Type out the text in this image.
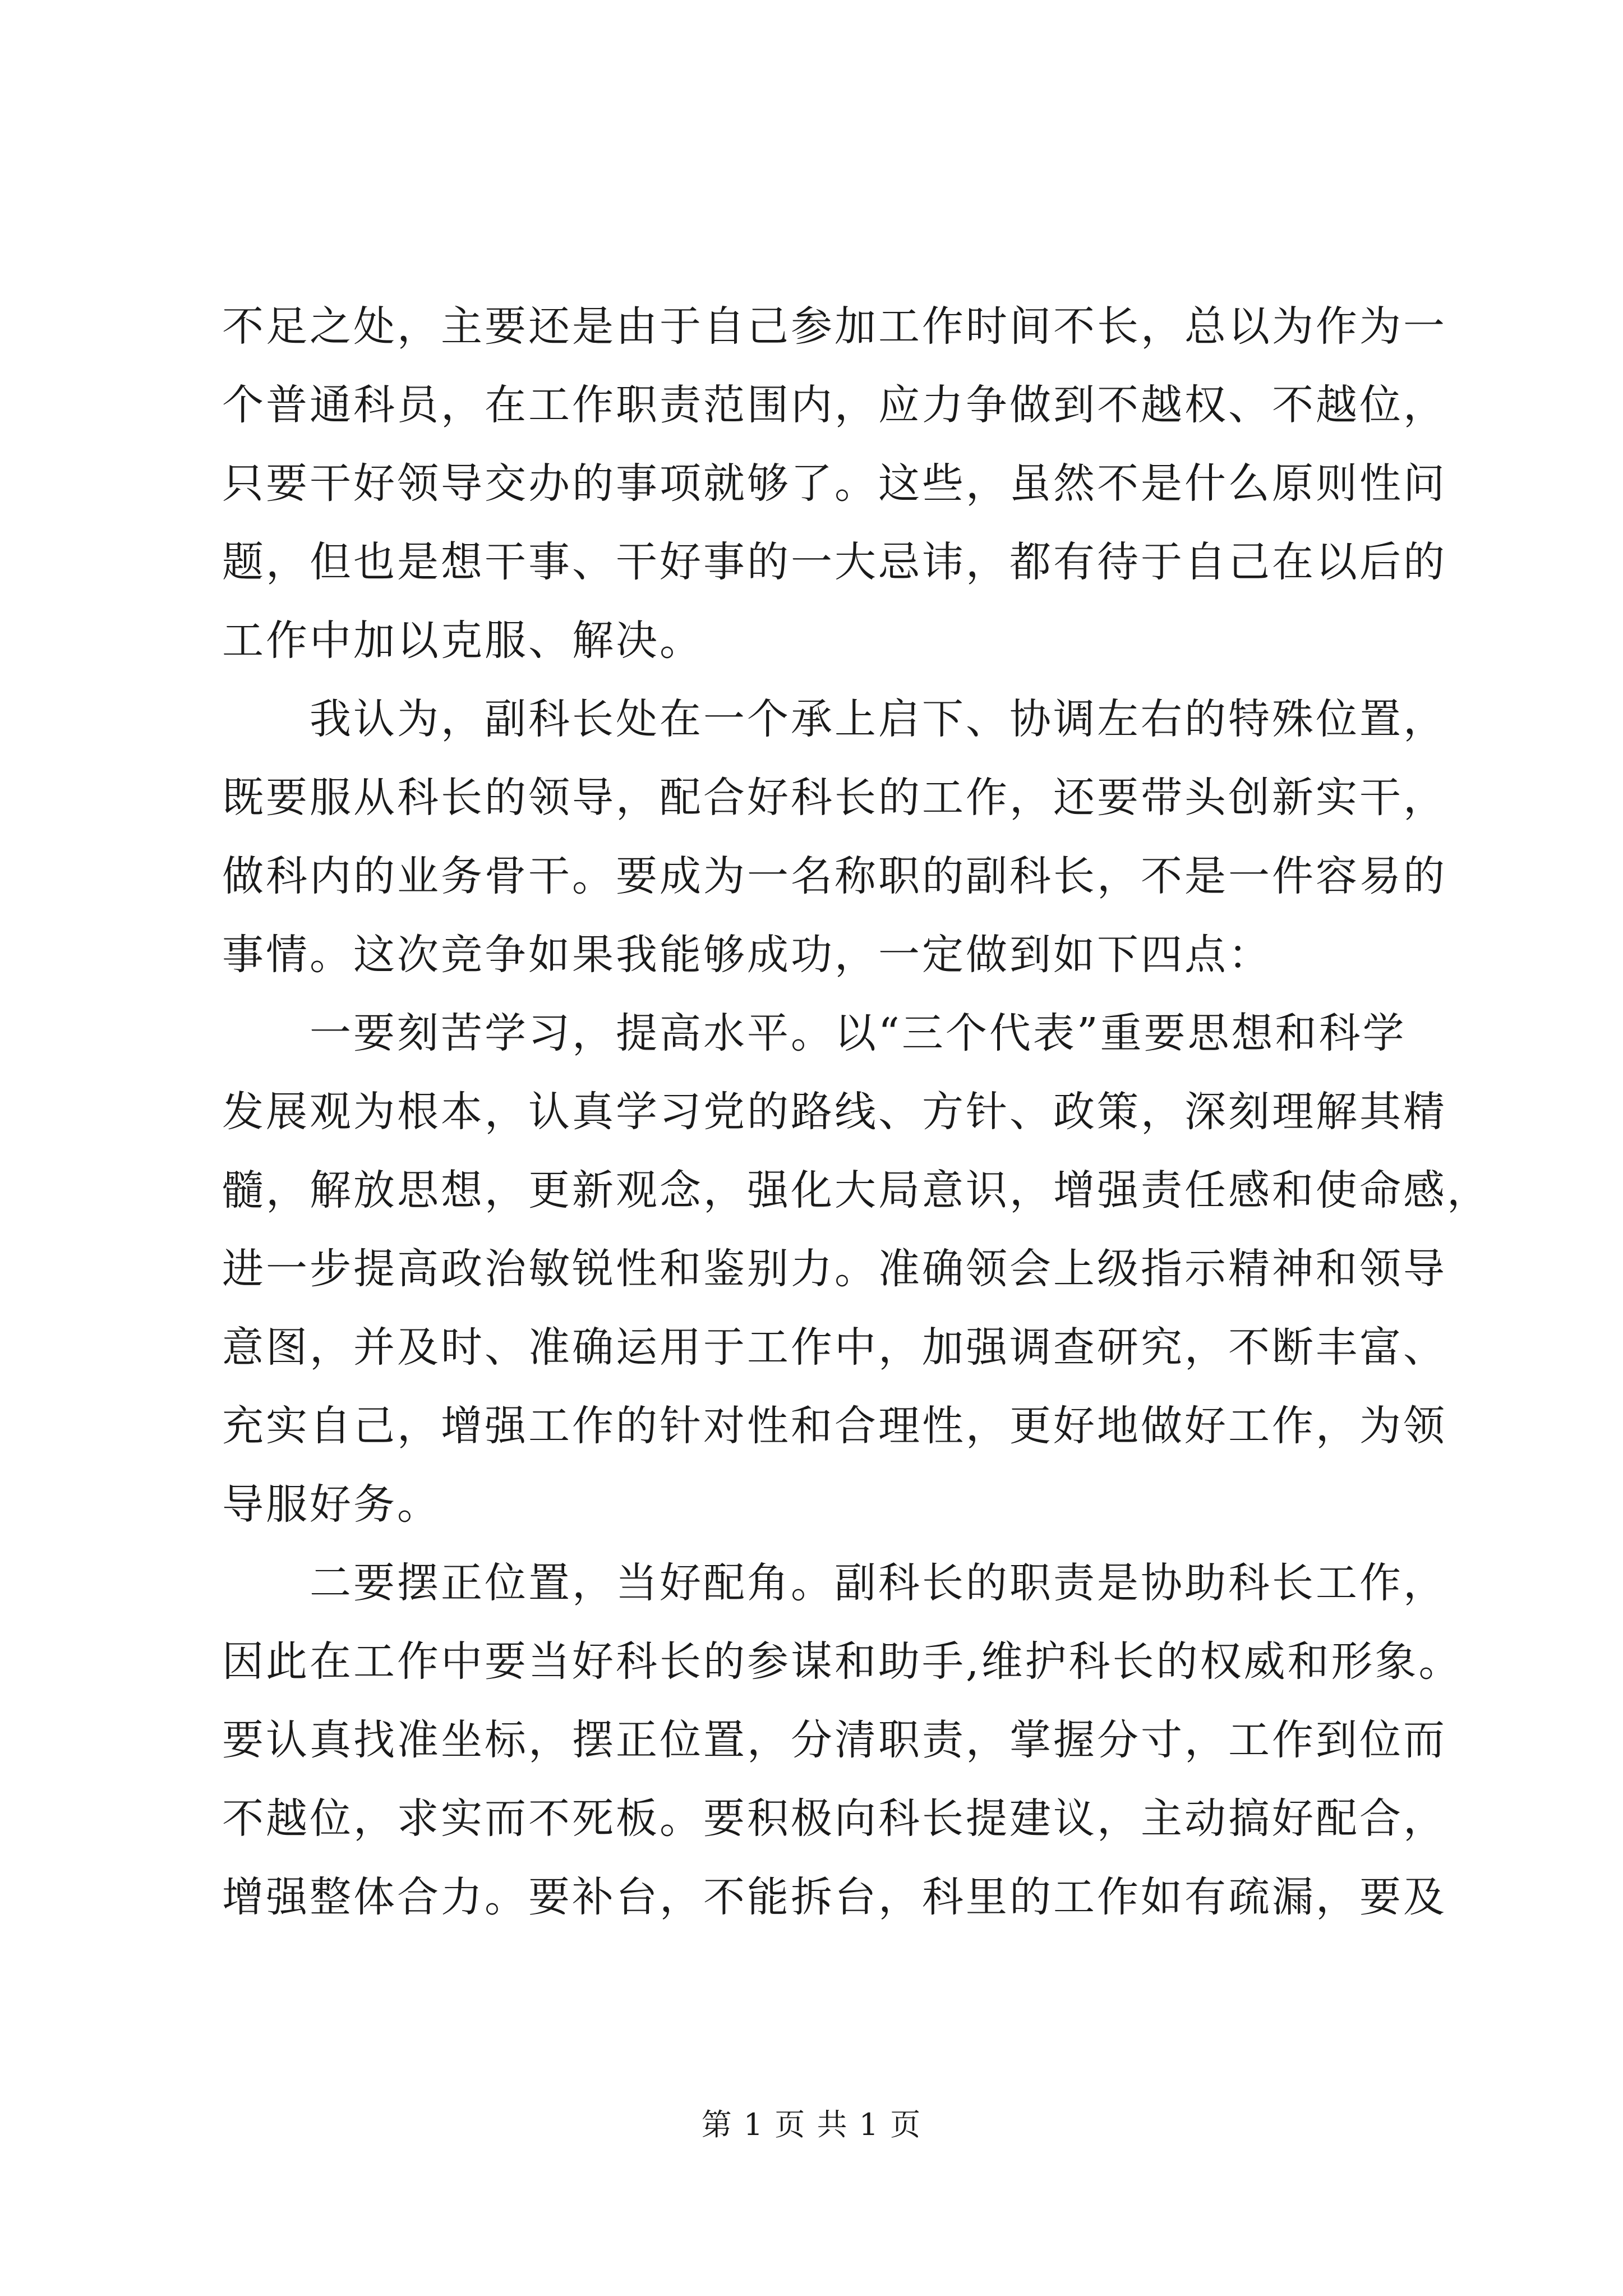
不足之处，主要还是由于自己参加工作时间不长，总以为作为一
个普通科员，在工作职责范围内，应力争做到不越权、不越位，
只要干好领导交办的事项就够了。这些，虽然不是什么原则性问
题，但也是想干事、干好事的一大忌讳，都有待于自己在以后的
工作中加以克服、解决。
我认为，副科长处在一个承上启下、协调左右的特殊位置，
既要服从科长的领导，配合好科长的工作，还要带头创新实干，
做科内的业务骨干。要成为一名称职的副科长，不是一件容易的
事情。这次竞争如果我能够成功，一定做到如下四点：
一要刻苦学习，提高水平。以“三个代表”重要思想和科学
发展观为根本，认真学习党的路线、方针、政策，深刻理解其精
髓，解放思想，更新观念，强化大局意识，增强责任感和使命感，
进一步提高政治敏锐性和鉴别力。准确领会上级指示精神和领导
意图，并及时、准确运用于工作中，加强调查研究，不断丰富、
充实自己，增强工作的针对性和合理性，更好地做好工作，为领
导服好务。
二要摆正位置，当好配角。副科长的职责是协助科长工作，
因此在工作中要当好科长的参谋和助手,维护科长的权威和形象。
要认真找准坐标，摆正位置，分清职责，掌握分寸，工作到位而
不越位，求实而不死板。要积极向科长提建议，主动搞好配合，
增强整体合力。要补台，不能拆台，科里的工作如有疏漏，要及
第 1 页 共 1 页
